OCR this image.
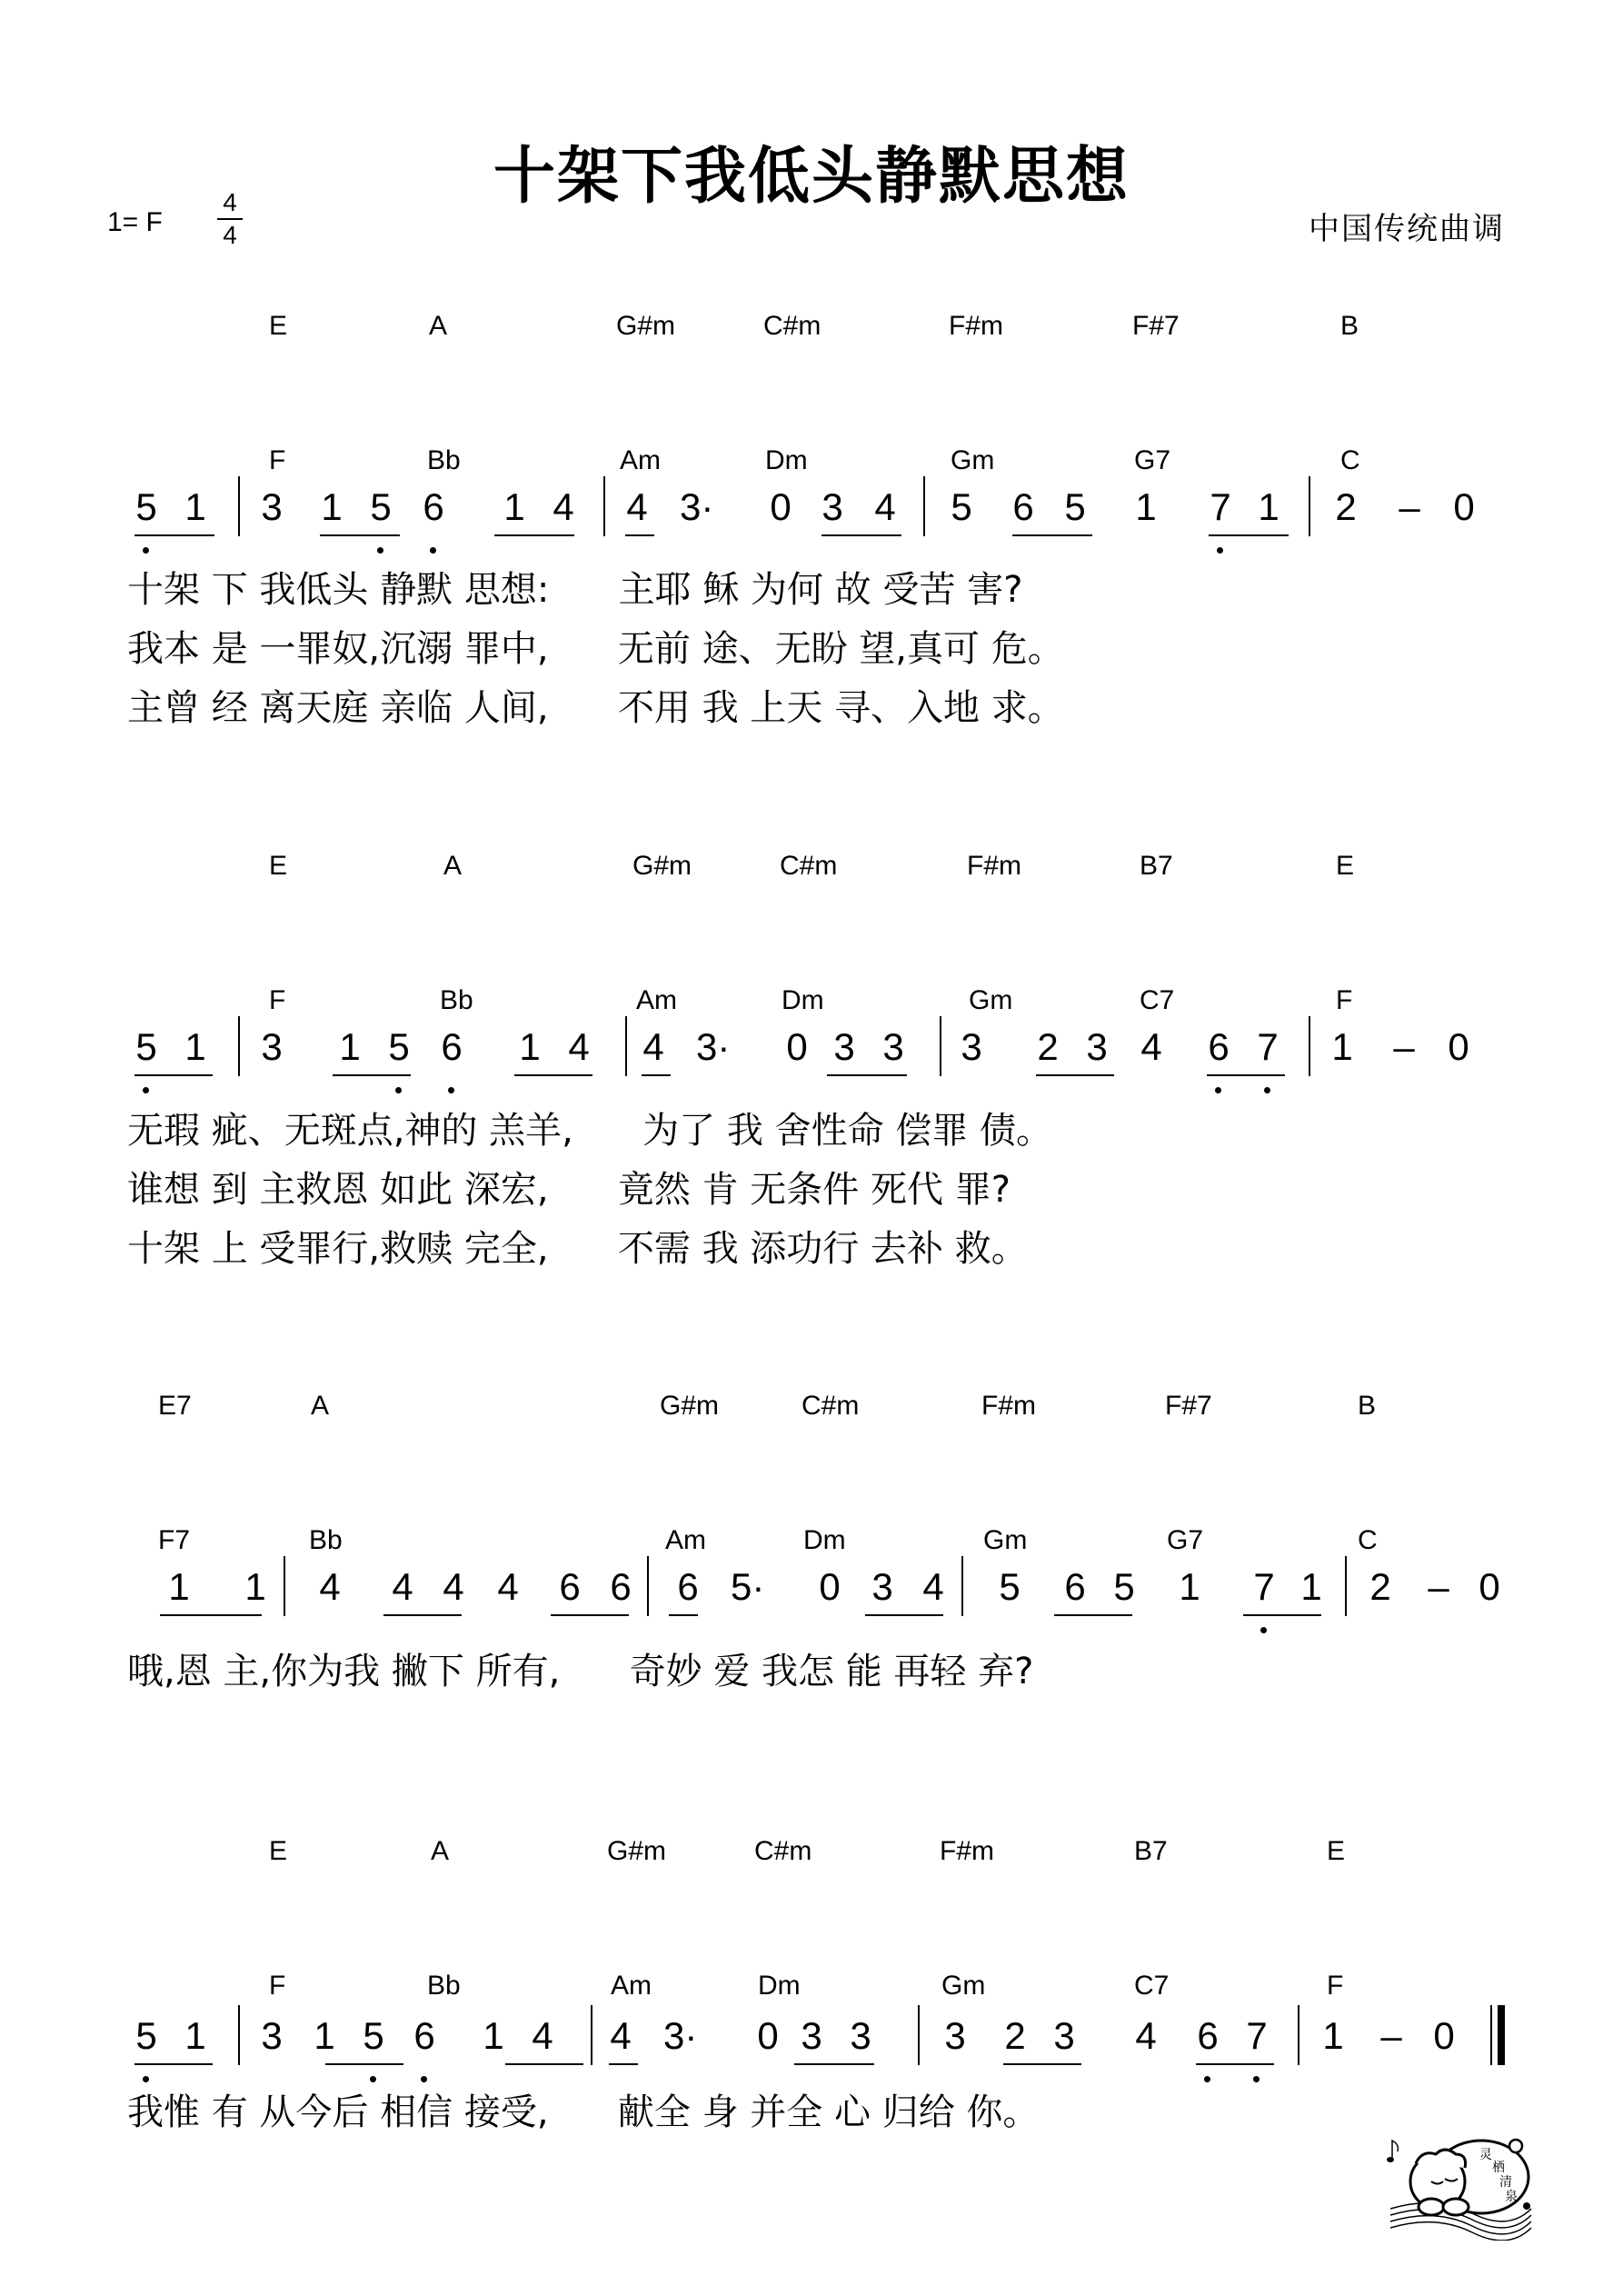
十架下我低头静默思想
1= F
4
4	中国传统曲调
E	A	G#m	C#m	F#m	F#7	B
F	Bb	Am	Dm	Gm	G7	C
5 1 3 1 5 6 1 4 4 3· 0 3 4 5 6 5 1 7 1 2 – 0
十架 下 我低头 静默 思想:      主耶 稣 为何 故 受苦 害?
我本 是 一罪奴,沉溺 罪中,      无前 途、无盼 望,真可 危。
主曾 经 离天庭 亲临 人间,      不用 我 上天 寻、入地 求。
E	A	G#m	C#m	F#m	B7	E
F	Bb	Am	Dm	Gm	C7	F
5 1 3 1 5 6 1 4 4 3· 0 3 3 3 2 3 4 6 7 1 – 0
无瑕 疵、无斑点,神的 羔羊,      为了 我 舍性命 偿罪 债。
谁想 到 主救恩 如此 深宏,      竟然 肯 无条件 死代 罪?
十架 上 受罪行,救赎 完全,      不需 我 添功行 去补 救。
E7	A	G#m	C#m	F#m	F#7	B
F7	Bb	Am	Dm	Gm	G7	C
1 1 4 4 4 4 6 6 6 5· 0 3 4 5 6 5 1 7 1 2 – 0
哦,恩 主,你为我 撇下 所有,      奇妙 爱 我怎 能 再轻 弃?
E	A	G#m	C#m	F#m	B7	E
F	Bb	Am	Dm	Gm	C7	F
5 1 3 1 5 6 1 4 4 3· 0 3 3 3 2 3 4 6 7 1 – 0
我惟 有 从今后 相信 接受,      献全 身 并全 心 归给 你。
灵
栖
清
泉
